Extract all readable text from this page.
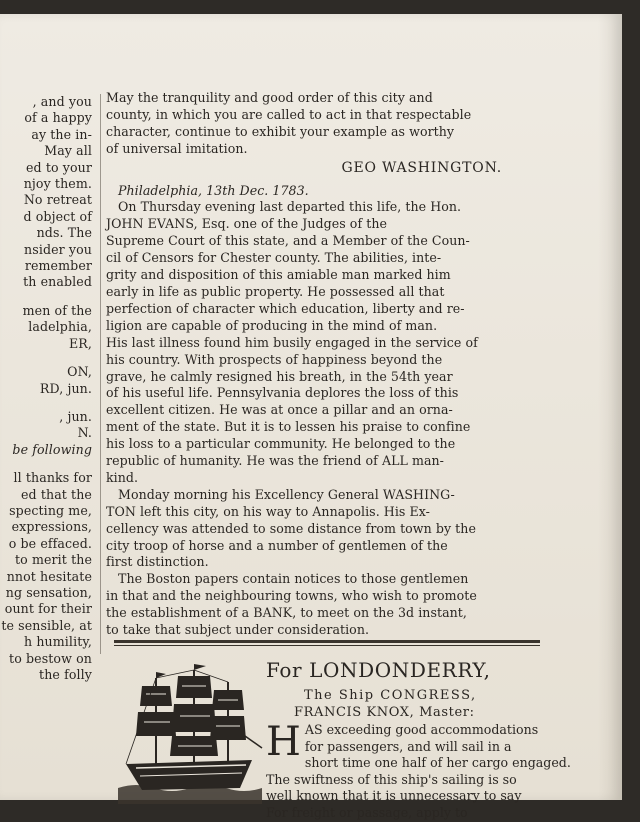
, and you
of a happy
ay the in-
May all
ed to your
njoy them.
No retreat
d object of
nds. The
nsider you
remember
th enabled
men of the
ladelphia,
ER,
ON,
RD, jun.
, jun.
N.
be following
ll thanks for
ed that the
specting me,
expressions,
o be effaced.
to merit the
nnot hesitate
ng sensation,
ount for their
te sensible, at
h humility,
to bestow on
the folly
May the tranquility and good order of this city and
county, in which you are called to act in that respectable
character, continue to exhibit your example as worthy
of universal imitation.
GEO WASHINGTON.
Philadelphia, 13th Dec. 1783.
On Thursday evening last departed this life, the Hon.
JOHN EVANS, Esq. one of the Judges of the
Supreme Court of this state, and a Member of the Coun-
cil of Censors for Chester county. The abilities, inte-
grity and disposition of this amiable man marked him
early in life as public property. He possessed all that
perfection of character which education, liberty and re-
ligion are capable of producing in the mind of man.
His last illness found him busily engaged in the service of
his country. With prospects of happiness beyond the
grave, he calmly resigned his breath, in the 54th year
of his useful life. Pennsylvania deplores the loss of this
excellent citizen. He was at once a pillar and an orna-
ment of the state. But it is to lessen his praise to confine
his loss to a particular community. He belonged to the
republic of humanity. He was the friend of ALL man-
kind.
Monday morning his Excellency General WASHING-
TON left this city, on his way to Annapolis. His Ex-
cellency was attended to some distance from town by the
city troop of horse and a number of gentlemen of the
first distinction.
The Boston papers contain notices to those gentlemen
in that and the neighbouring towns, who wish to promote
the establishment of a BANK, to meet on the 3d instant,
to take that subject under consideration.
For LONDONDERRY,
The Ship CONGRESS,
FRANCIS KNOX, Master:
H AS exceeding good accommodations
for passengers, and will sail in a
short time one half of her cargo engaged.
The swiftness of this ship's sailing is so
well known that it is unnecessary to say
For freight or passage, apply to
